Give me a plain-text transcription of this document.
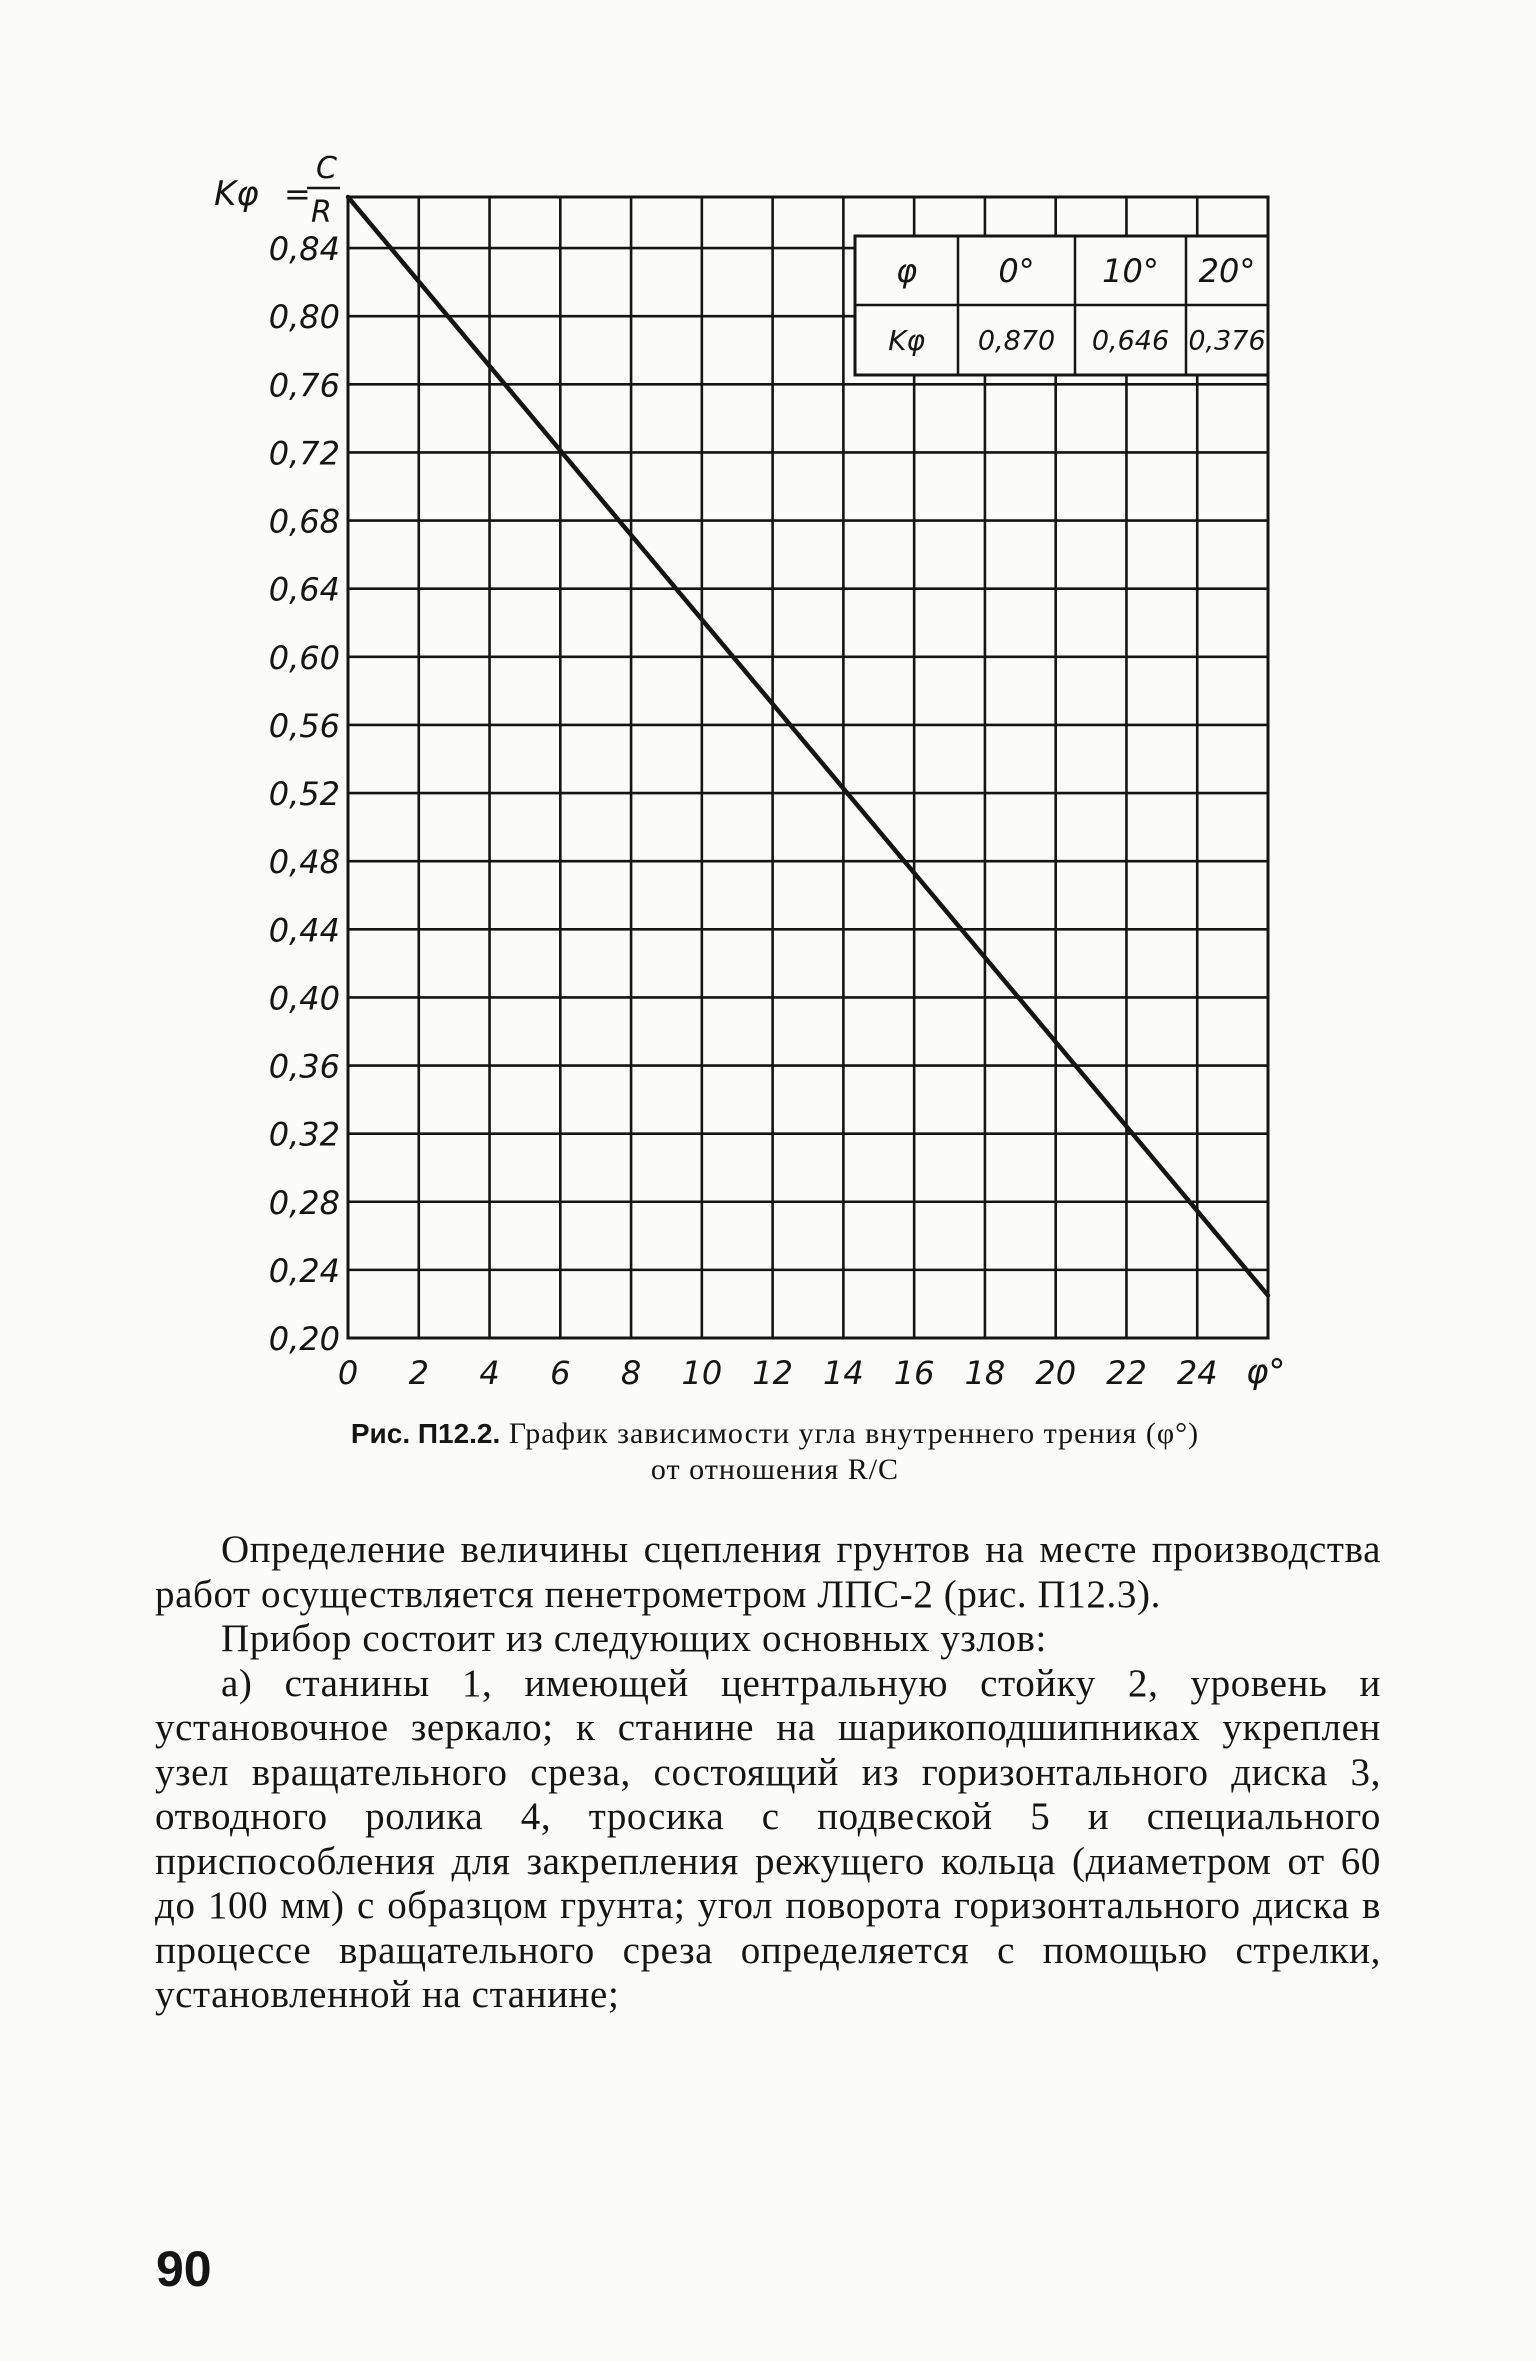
φ	0° 10° 20°
Kφ 0,870 0,646 0,376
0,84
0,80
0,76
0,72
0,68
0,64
0,60
0,56
0,52
0,48
0,44
0,40
0,36
0,32
0,28
0,24
0,20
0 2 4 6 8 10 12 14 16 18 20 22 24
Kφ =
C
R
φ°
Рис. П12.2. График зависимости угла внутреннего трения (φ°)
от отношения R/C

Определение величины сцепления грунтов на месте производства работ осуществляется пенетрометром ЛПС-2 (рис. П12.3).

Прибор состоит из следующих основных узлов:

а) станины 1, имеющей центральную стойку 2, уровень и установочное зеркало; к станине на шарикоподшипниках укреплен узел вращательного среза, состоящий из горизонтального диска 3, отводного ролика 4, тросика с подвеской 5 и специального приспособления для закрепления режущего кольца (диаметром от 60 до 100 мм) с образцом грунта; угол поворота горизонтального диска в процессе вращательного среза определяется с помощью стрелки, установленной на станине;

90
